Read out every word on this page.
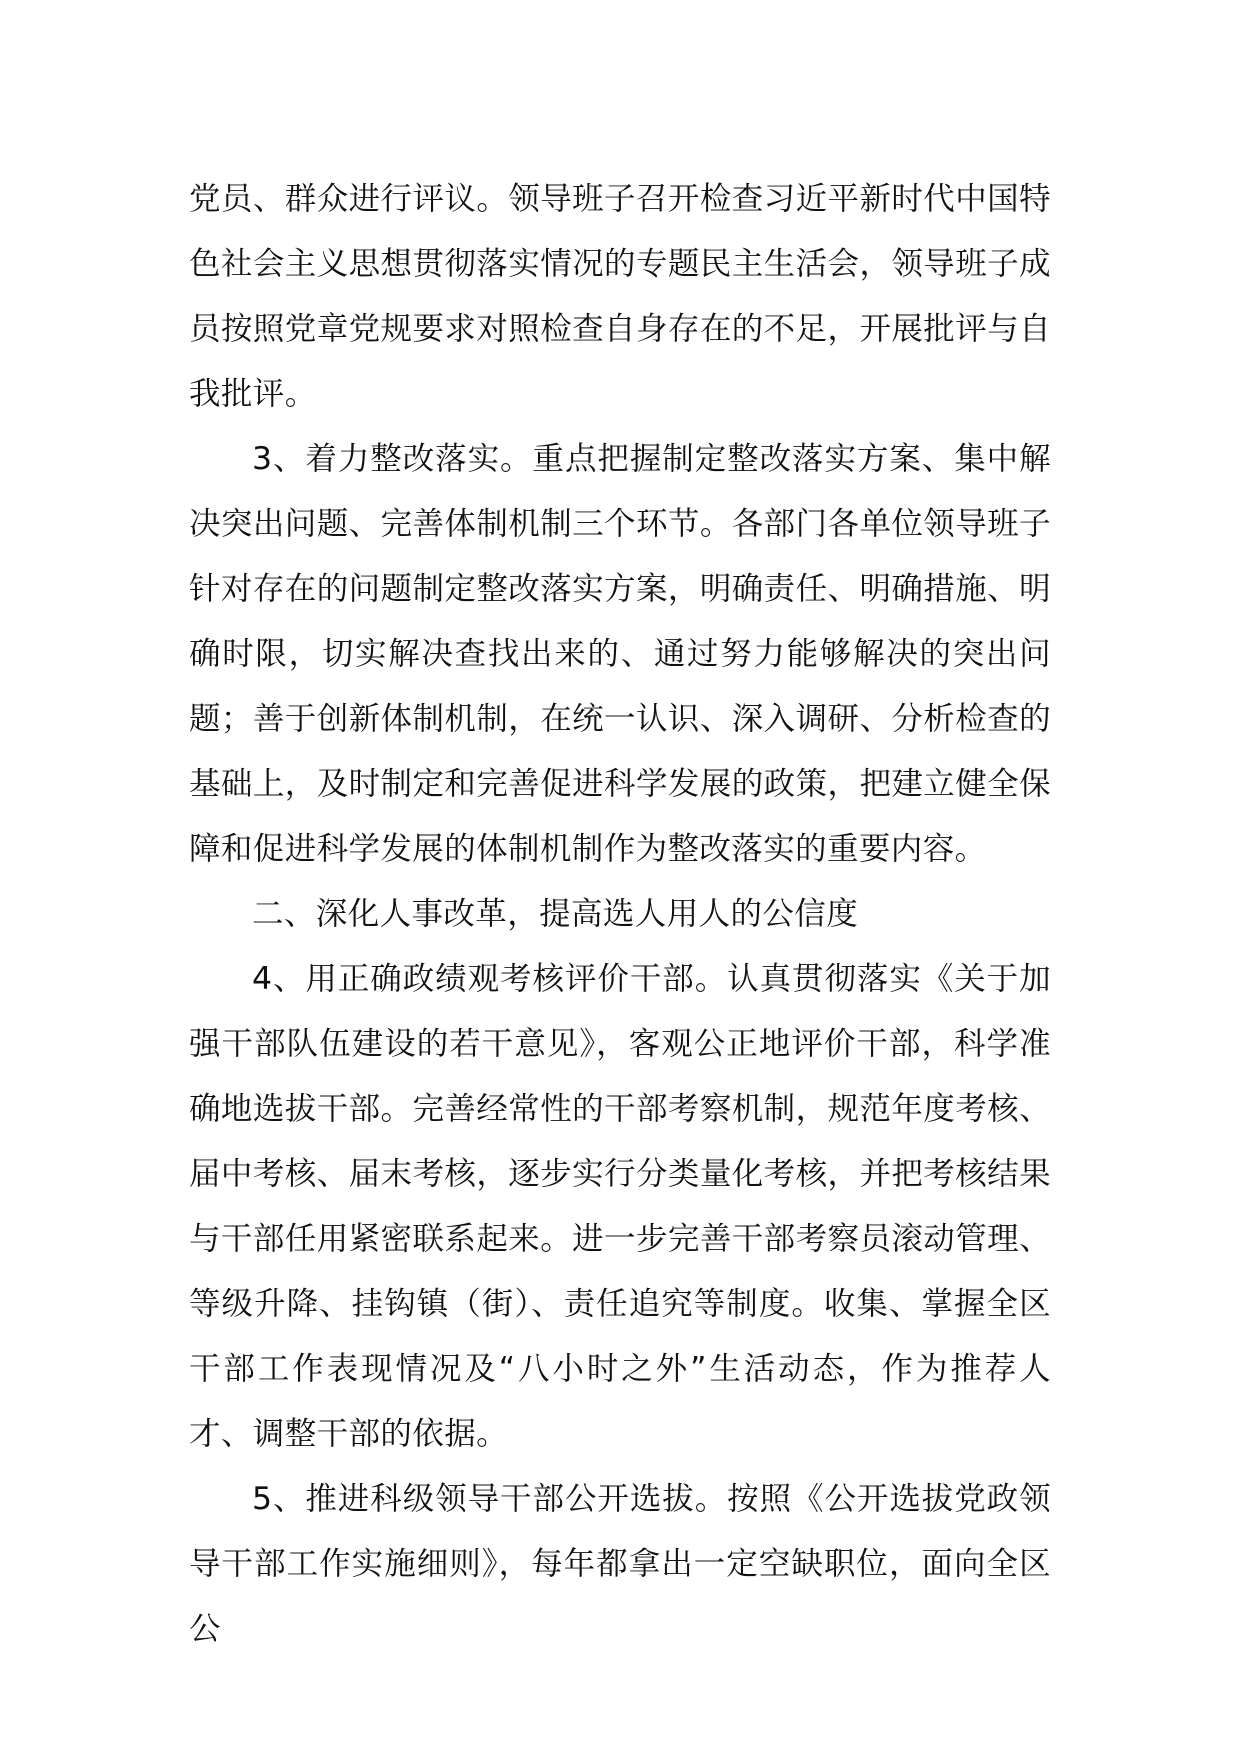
党员、群众进行评议。领导班子召开检查习近平新时代中国特色社会主义思想贯彻落实情况的专题民主生活会，领导班子成员按照党章党规要求对照检查自身存在的不足，开展批评与自我批评。

3、着力整改落实。重点把握制定整改落实方案、集中解决突出问题、完善体制机制三个环节。各部门各单位领导班子针对存在的问题制定整改落实方案，明确责任、明确措施、明确时限，切实解决查找出来的、通过努力能够解决的突出问题；善于创新体制机制，在统一认识、深入调研、分析检查的基础上，及时制定和完善促进科学发展的政策，把建立健全保障和促进科学发展的体制机制作为整改落实的重要内容。

二、深化人事改革，提高选人用人的公信度

4、用正确政绩观考核评价干部。认真贯彻落实《关于加强干部队伍建设的若干意见》，客观公正地评价干部，科学准确地选拔干部。完善经常性的干部考察机制，规范年度考核、届中考核、届末考核，逐步实行分类量化考核，并把考核结果与干部任用紧密联系起来。进一步完善干部考察员滚动管理、等级升降、挂钩镇（街）、责任追究等制度。收集、掌握全区干部工作表现情况及“八小时之外”生活动态，作为推荐人才、调整干部的依据。

5、推进科级领导干部公开选拔。按照《公开选拔党政领导干部工作实施细则》，每年都拿出一定空缺职位，面向全区公
